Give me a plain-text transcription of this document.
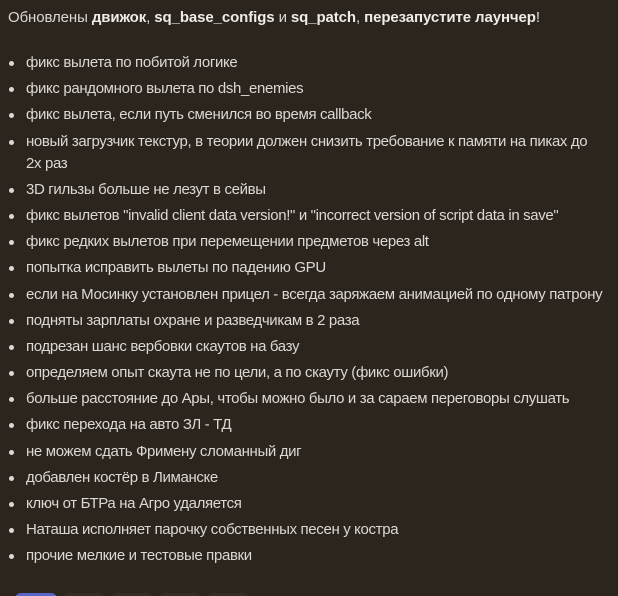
Обновлены движок, sq_base_configs и sq_patch, перезапустите лаунчер!
фикс вылета по побитой логике
фикс рандомного вылета по dsh_enemies
фикс вылета, если путь сменился во время callback
новый загрузчик текстур, в теории должен снизить требование к памяти на пиках до 2x раз
3D гильзы больше не лезут в сейвы
фикс вылетов "invalid client data version!" и "incorrect version of script data in save"
фикс редких вылетов при перемещении предметов через alt
попытка исправить вылеты по падению GPU
если на Мосинку установлен прицел - всегда заряжаем анимацией по одному патрону
подняты зарплаты охране и разведчикам в 2 раза
подрезан шанс вербовки скаутов на базу
определяем опыт скаута не по цели, а по скауту (фикс ошибки)
больше расстояние до Ары, чтобы можно было и за сараем переговоры слушать
фикс перехода на авто ЗЛ - ТД
не можем сдать Фримену сломанный диг
добавлен костёр в Лиманске
ключ от БТРа на Агро удаляется
Наташа исполняет парочку собственных песен у костра
прочие мелкие и тестовые правки
